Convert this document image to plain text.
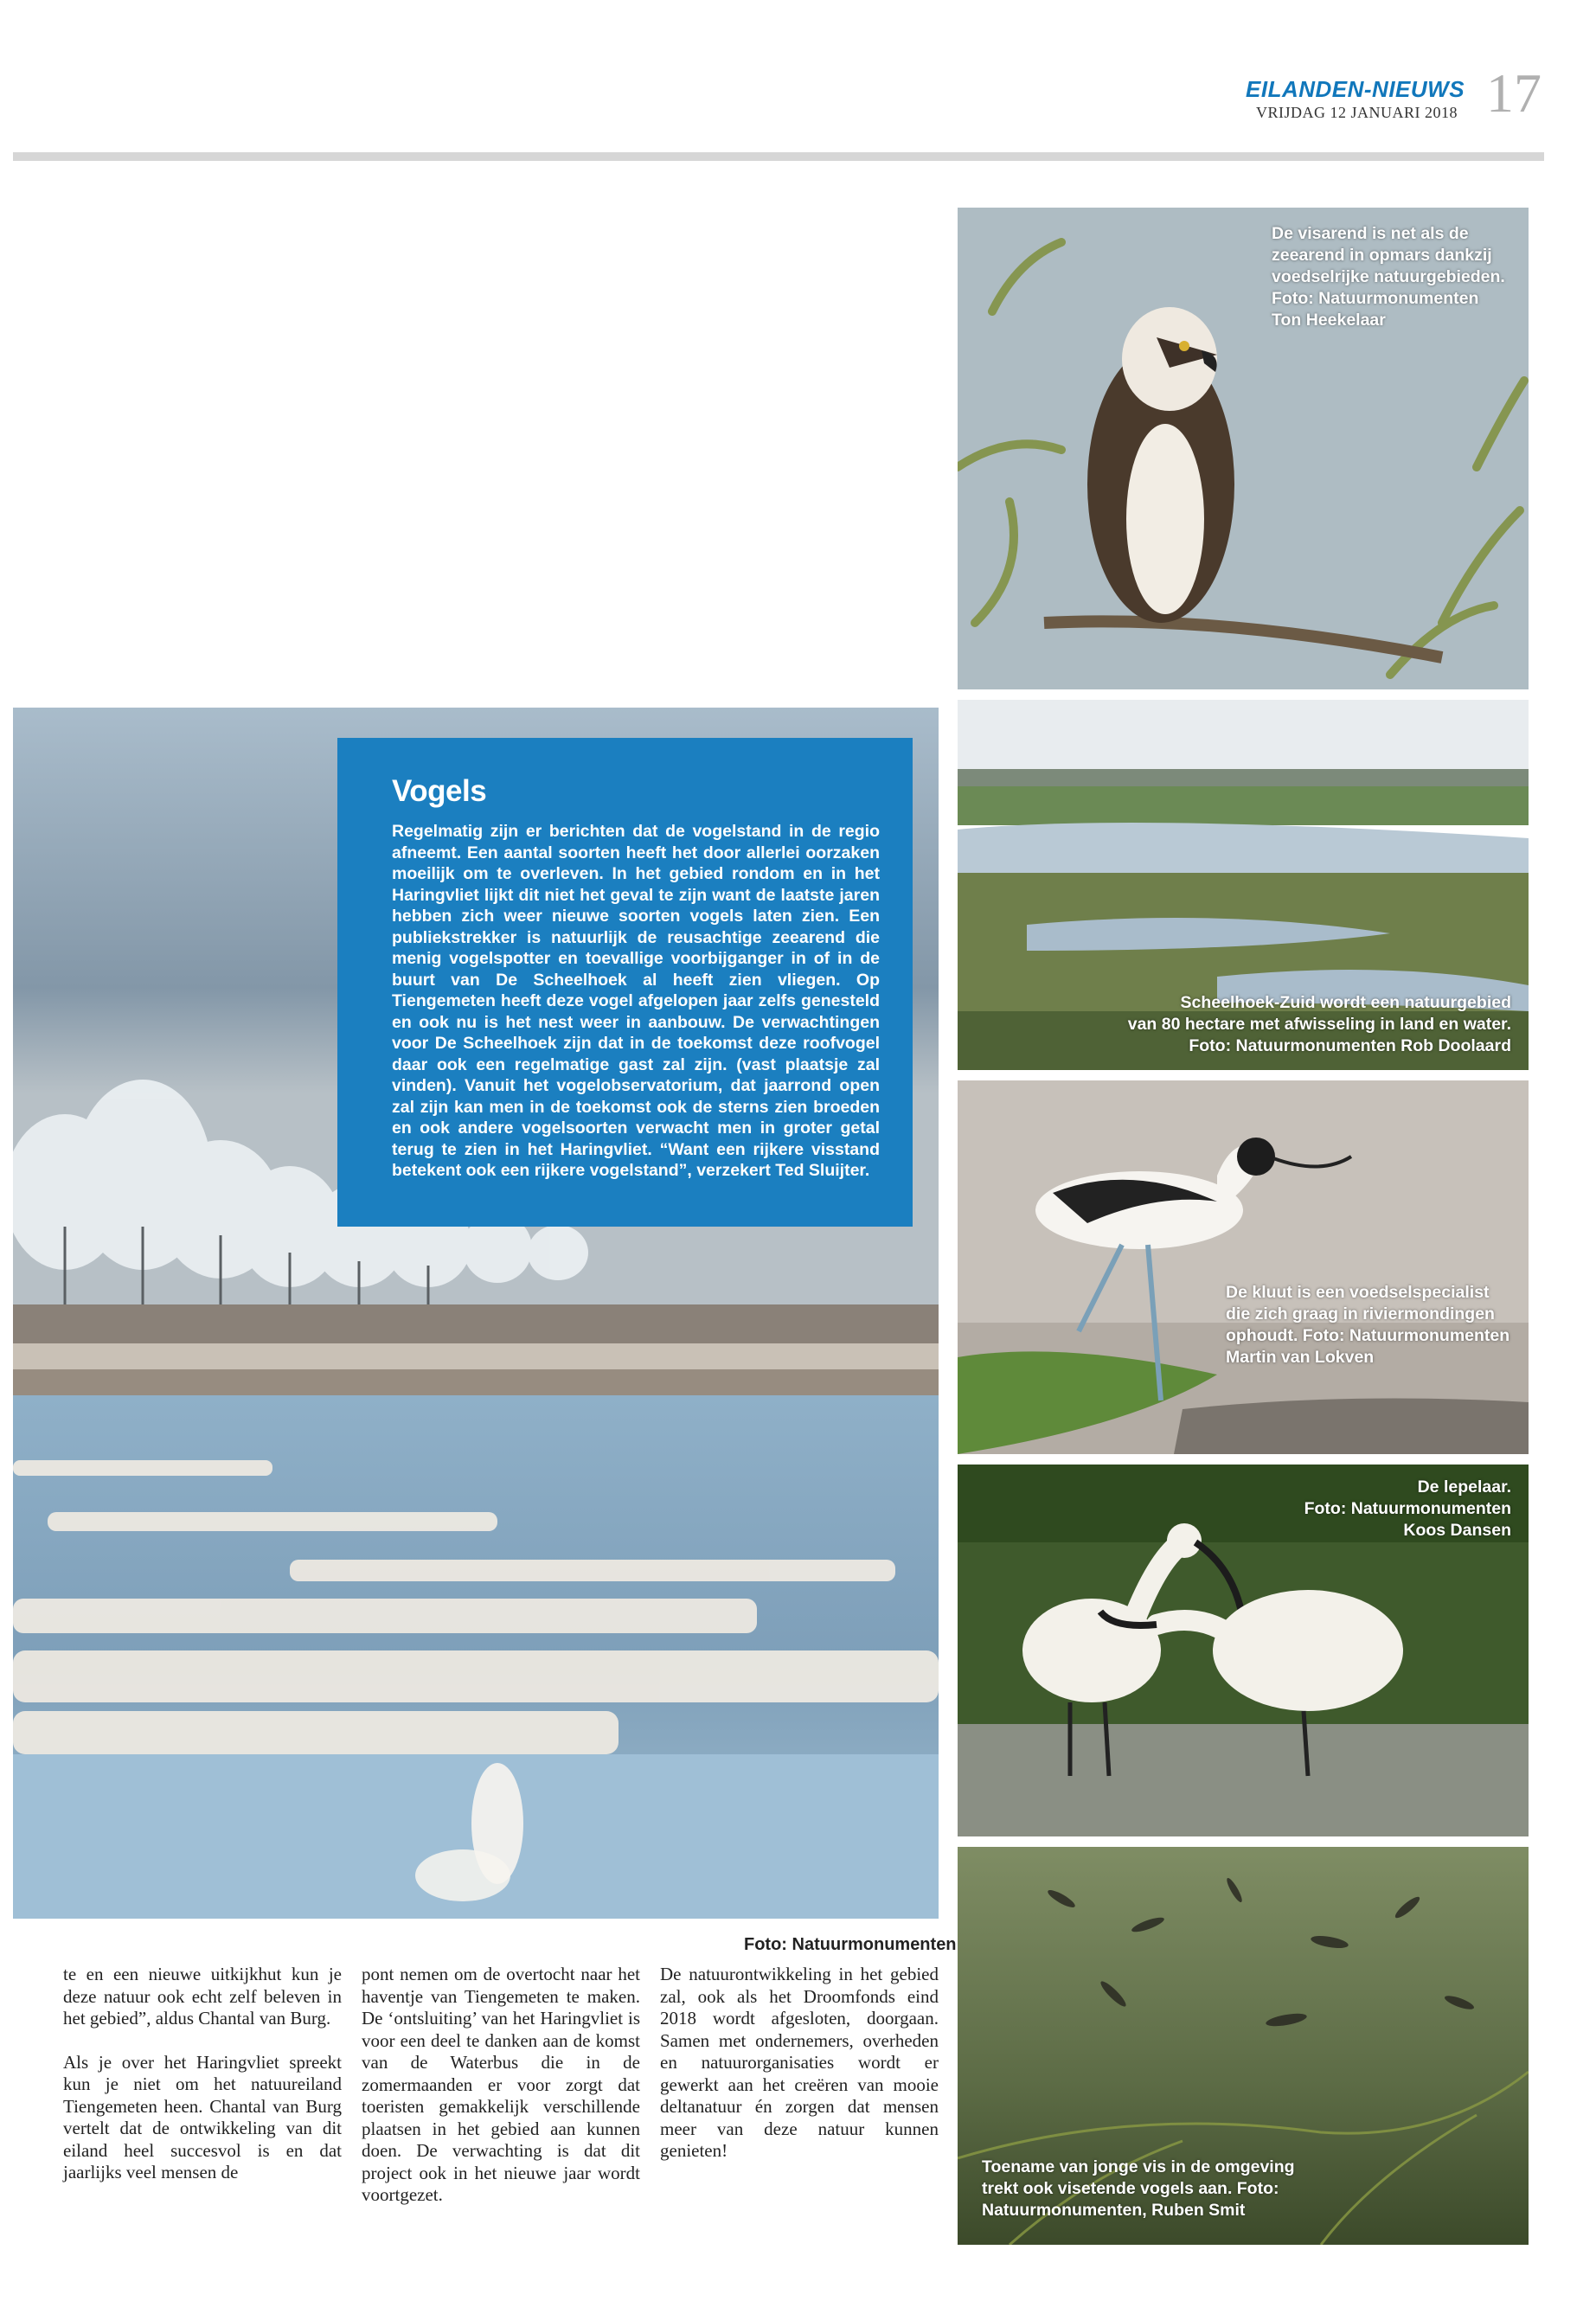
EILANDEN-NIEUWS
VRIJDAG 12 JANUARI 2018 17
Vogels

Regelmatig zijn er berichten dat de vogelstand in de regio afneemt. Een aantal soorten heeft het door allerlei oorzaken moeilijk om te overleven. In het gebied rondom en in het Haringvliet lijkt dit niet het geval te zijn want de laatste jaren hebben zich weer nieuwe soorten vogels laten zien. Een publiekstrekker is natuurlijk de reusachtige zeearend die menig vogelspotter en toevallige voorbijganger in of in de buurt van De Scheelhoek al heeft zien vliegen. Op Tiengemeten heeft deze vogel afgelopen jaar zelfs genesteld en ook nu is het nest weer in aanbouw. De verwachtingen voor De Scheelhoek zijn dat in de toekomst deze roofvogel daar ook een regelmatige gast zal zijn. (vast plaatsje zal vinden). Vanuit het vogelobservatorium, dat jaarrond open zal zijn kan men in de toekomst ook de sterns zien broeden en ook andere vogelsoorten verwacht men in groter getal terug te zien in het Haringvliet. “Want een rijkere visstand betekent ook een rijkere vogelstand”, verzekert Ted Sluijter.

Foto: Natuurmonumenten
De visarend is net als de zeearend in opmars dankzij voedselrijke natuurgebieden. Foto: Natuurmonumenten Ton Heekelaar
Scheelhoek-Zuid wordt een natuurgebied
van 80 hectare met afwisseling in land en water.
Foto: Natuurmonumenten Rob Doolaard
De kluut is een voedselspecialist die zich graag in riviermondingen ophoudt. Foto: Natuurmonumenten Martin van Lokven
De lepelaar.
Foto: Natuurmonumenten
Koos Dansen
Toename van jonge vis in de omgeving trekt ook visetende vogels aan. Foto: Natuurmonumenten, Ruben Smit

te en een nieuwe uitkijkhut kun je deze natuur ook echt zelf beleven in het gebied”, aldus Chantal van Burg.

Als je over het Haringvliet spreekt kun je niet om het natuureiland Tiengemeten heen. Chantal van Burg vertelt dat de ontwikkeling van dit eiland heel succesvol is en dat jaarlijks veel mensen de

pont nemen om de overtocht naar het haventje van Tiengemeten te maken. De ‘ontsluiting’ van het Haringvliet is voor een deel te danken aan de komst van de Waterbus die in de zomermaanden er voor zorgt dat toeristen gemakkelijk verschillende plaatsen in het gebied aan kunnen doen. De verwachting is dat dit project ook in het nieuwe jaar wordt voortgezet.

De natuurontwikkeling in het gebied zal, ook als het Droomfonds eind 2018 wordt afgesloten, doorgaan. Samen met ondernemers, overheden en natuurorganisaties wordt er gewerkt aan het creëren van mooie deltanatuur én zorgen dat mensen meer van deze natuur kunnen genieten!
